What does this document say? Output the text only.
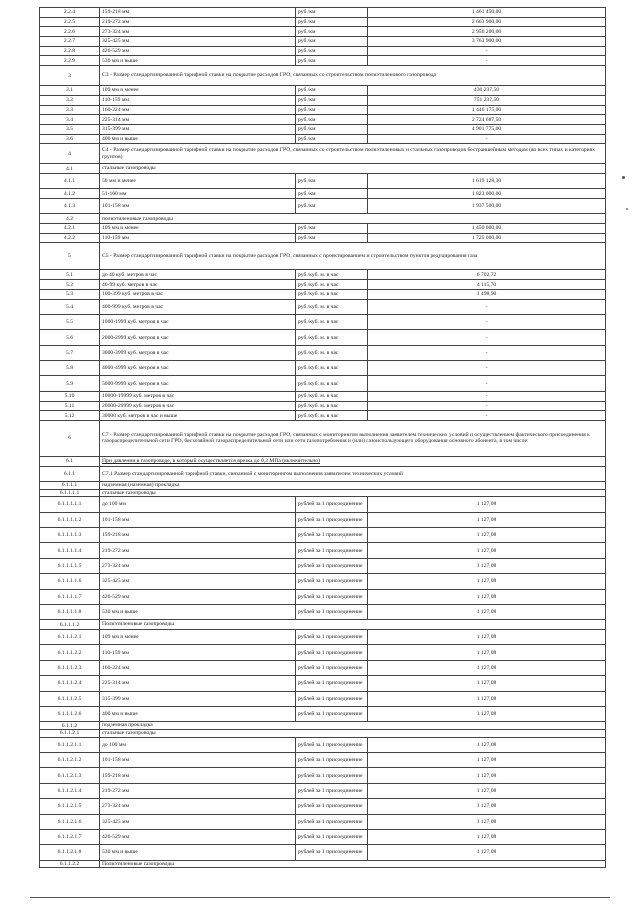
2.2.4	159-218 мм	руб./км	1 461 450,00
2.2.5	219-272 мм	руб./км	2 663 900,00
2.2.6	273-324 мм	руб./км	2 956 200,00
2.2.7	325-425 мм	руб./км	3 763 900,00
2.2.8	426-529 мм	руб./км	-
2.2.9	530 мм и выше	руб./км	-
3	С3 - Размер стандартизированной тарифной ставки на покрытие расходов ГРО, связанных со строительством полиэтиленового газопровода		
3.1	109 мм и менее	руб./км	430 237,50
3.2	110-159 мм	руб./км	751 237,50
3.3	160-224 мм	руб./км	1 446 175,00
3.4	225-314 мм	руб./км	2 724 687,50
3.5	315-399 мм	руб./км	4 901 775,00
3.6	400 мм и выше	руб./км	-
4	С4 - Размер стандартизированной тарифной ставки на покрытие расходов ГРО, связанных со строительством полиэтиленовых и стальных газопроводов бестраншейным методом (во всех типах и категориях грунтов)		
4.1	стальные газопроводы		
4.1.1	50 мм и менее	руб./км	1 619 128,30
4.1.2	51-100 мм	руб./км	1 823 000,00
4.1.3	101-158 мм	руб./км	1 937 500,00
4.2	полиэтиленовые газопроводы		
4.2.1	109 мм и менее	руб./км	1 450 000,00
4.2.2	110-159 мм	руб./км	1 725 000,00
5	С5 - Размер стандартизированной тарифной ставки на покрытие расходов ГРО, связанных с проектированием и строительством пунктов редуцирования газа		
5.1	до 40 куб. метров в час	руб./куб. м. в час	6 702,72
5.2	40-99 куб. метров в час	руб./куб. м. в час	4 115,70
5.3	100-399 куб. метров в час	руб./куб. м. в час	1 498,90
5.4	400-999 куб. метров в час	руб./куб. м. в час	-
5.5	1000-1999 куб. метров в час	руб./куб. м. в час	-
5.6	2000-2999 куб. метров в час	руб./куб. м. в час	-
5.7	3000-3999 куб. метров в час	руб./куб. м. в час	-
5.8	4000-4999 куб. метров в час	руб./куб. м. в час	-
5.9	5000-9999 куб. метров в час	руб./куб. м. в час	-
5.10	10000-19999 куб. метров в час	руб./куб. м. в час	-
5.11	20000-29999 куб. метров в час	руб./куб. м. в час	-
5.12	30000 куб. метров в час и выше	руб./куб. м. в час	-
6	С7 - Размер стандартизированной тарифной ставки на покрытие расходов ГРО, связанных с мониторингом выполнения заявителем технических условий и осуществлением фактического присоединения к газораспределительной сети ГРО, бесхозяйной газораспределительной сети или сети газопотребления и (или) газоиспользующего оборудования основного абонента, в том числе:		
6.1	При давлении в газопроводе, в который осуществляется врезка до 0,3 МПа (включительно)		
6.1.1	С7.1 Размер стандартизированной тарифной ставки, связанной с мониторингом выполнения заявителем технических условий		
6.1.1.1	надземная (наземная) прокладка		
6.1.1.1.1	стальные газопроводы		
6.1.1.1.1.1	до 100 мм	рублей за 1 присоединение	1 127,08
6.1.1.1.1.2	101-158 мм	рублей за 1 присоединение	1 127,08
6.1.1.1.1.3	159-218 мм	рублей за 1 присоединение	1 127,08
6.1.1.1.1.4	219-272 мм	рублей за 1 присоединение	1 127,08
6.1.1.1.1.5	273-324 мм	рублей за 1 присоединение	1 127,08
6.1.1.1.1.6	325-425 мм	рублей за 1 присоединение	1 127,08
6.1.1.1.1.7	426-529 мм	рублей за 1 присоединение	1 127,08
6.1.1.1.1.8	530 мм и выше	рублей за 1 присоединение	1 127,08
6.1.1.1.2	Полиэтиленовые газопроводы		
6.1.1.1.2.1	109 мм и менее	рублей за 1 присоединение	1 127,08
6.1.1.1.2.2	110-159 мм	рублей за 1 присоединение	1 127,08
6.1.1.1.2.3	160-224 мм	рублей за 1 присоединение	1 127,08
6.1.1.1.2.4	225-314 мм	рублей за 1 присоединение	1 127,08
6.1.1.1.2.5	315-399 мм	рублей за 1 присоединение	1 127,08
6.1.1.1.2.6	400 мм и выше	рублей за 1 присоединение	1 127,08
6.1.1.2	подземная прокладка		
6.1.1.2.1	стальные газопроводы		
6.1.1.2.1.1	до 100 мм	рублей за 1 присоединение	1 127,08
6.1.1.2.1.2	101-158 мм	рублей за 1 присоединение	1 127,08
6.1.1.2.1.3	159-218 мм	рублей за 1 присоединение	1 127,08
6.1.1.2.1.4	219-272 мм	рублей за 1 присоединение	1 127,08
6.1.1.2.1.5	273-324 мм	рублей за 1 присоединение	1 127,08
6.1.1.2.1.6	325-425 мм	рублей за 1 присоединение	1 127,08
6.1.1.2.1.7	426-529 мм	рублей за 1 присоединение	1 127,08
6.1.1.2.1.8	530 мм и выше	рублей за 1 присоединение	1 127,08
6.1.1.2.2	Полиэтиленовые газопроводы		
